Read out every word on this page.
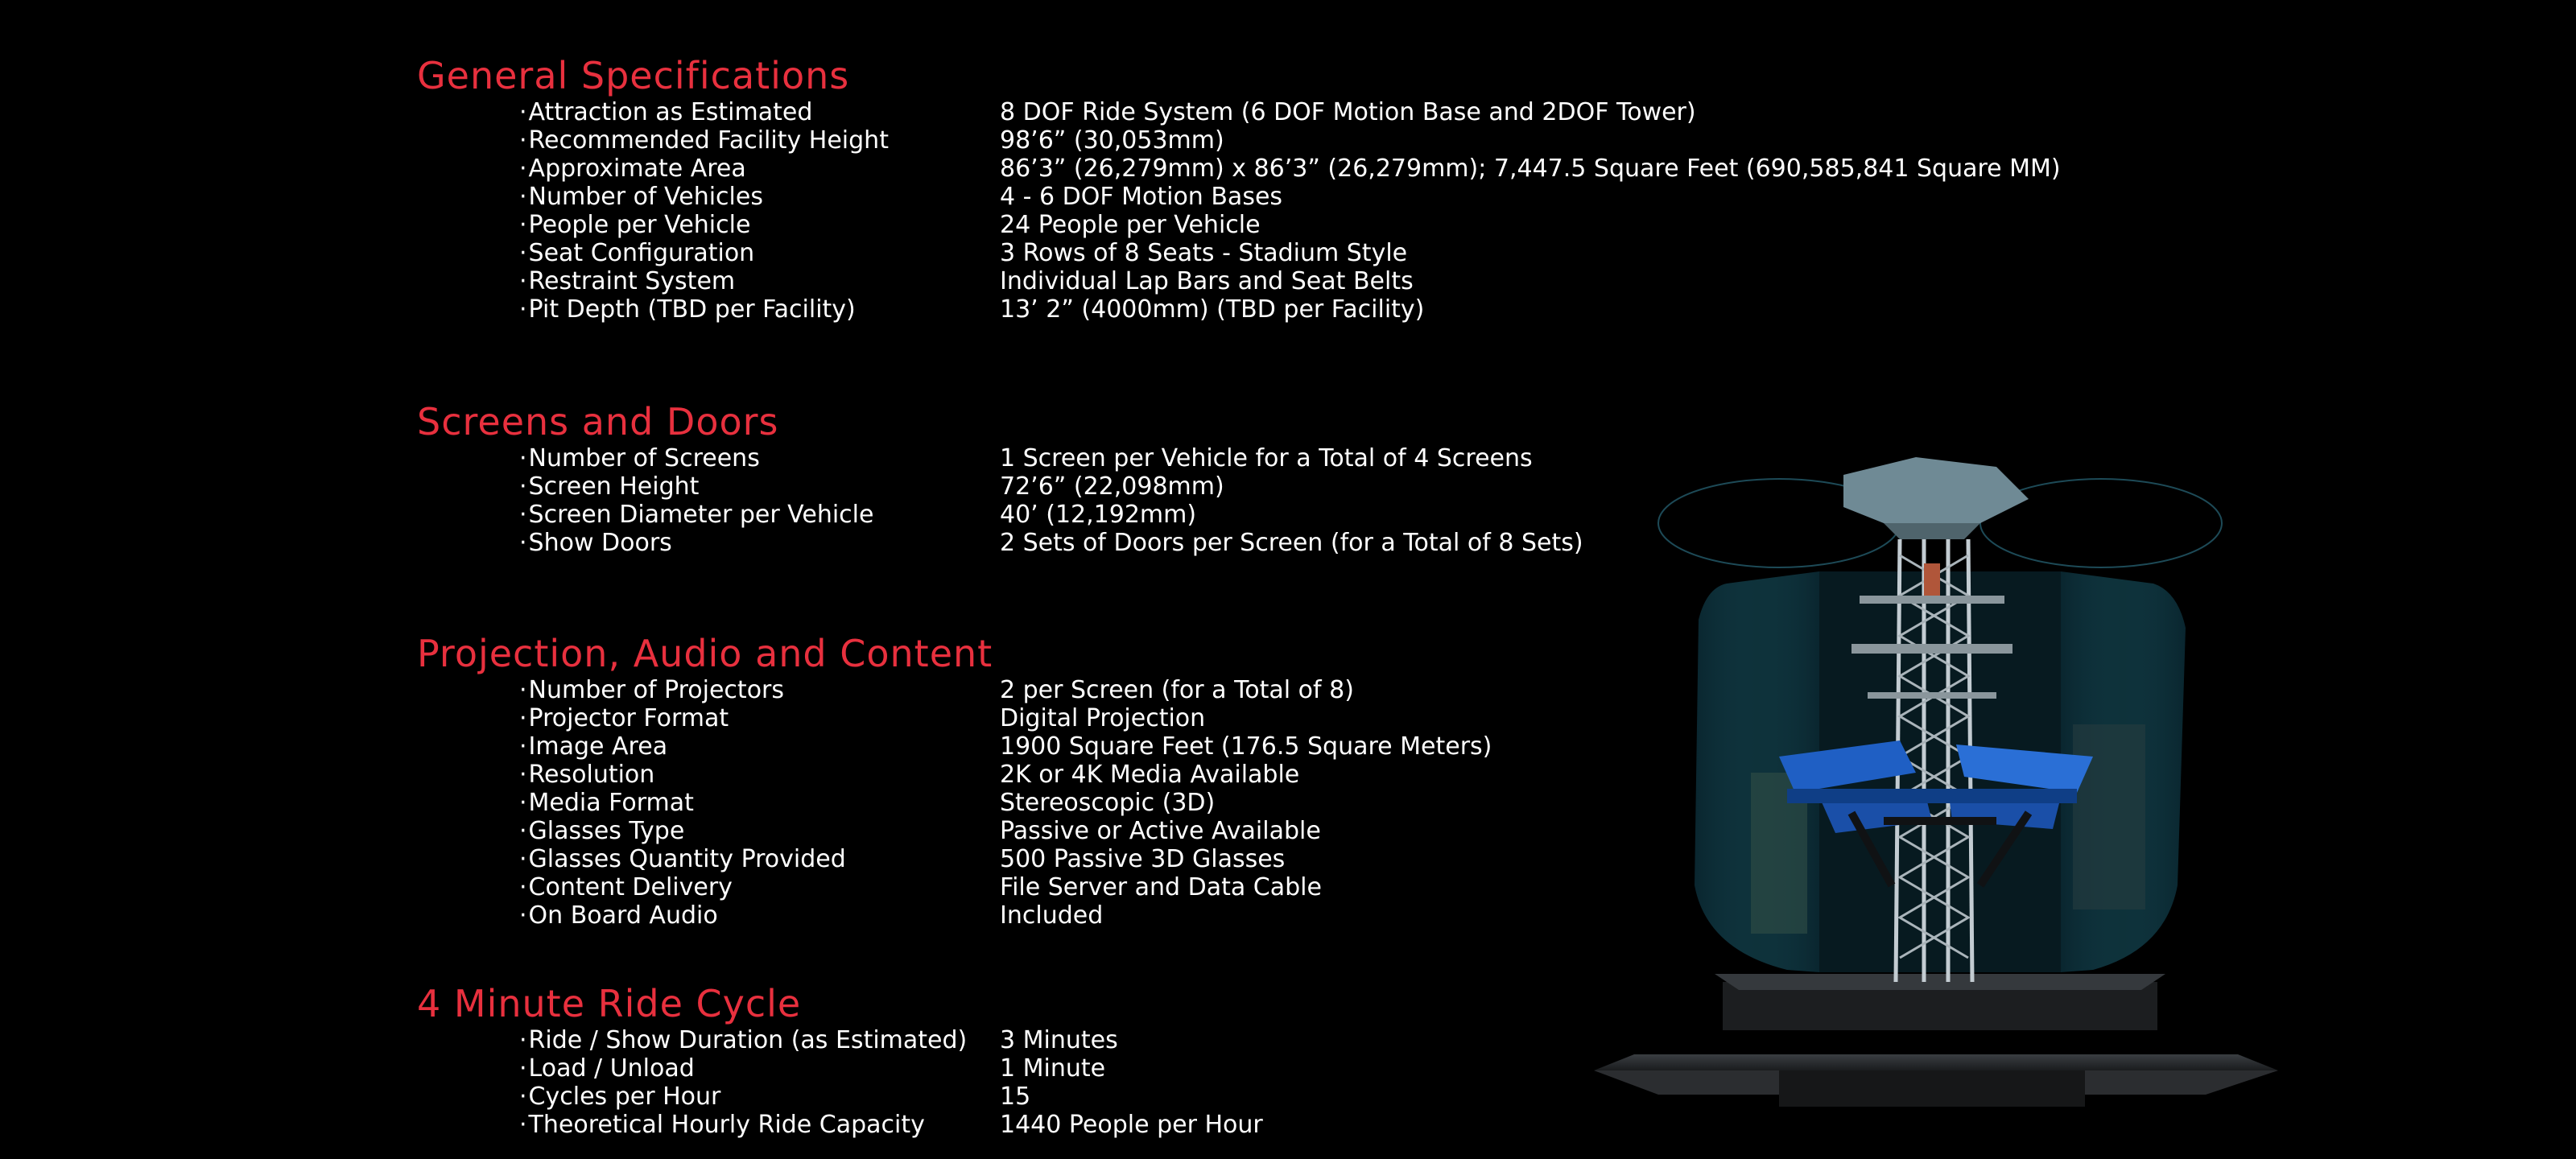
General Specifications
·Attraction as Estimated	8 DOF Ride System (6 DOF Motion Base and 2DOF Tower)
·Recommended Facility Height	98’6” (30,053mm)
·Approximate Area	86’3” (26,279mm) x 86’3” (26,279mm); 7,447.5 Square Feet (690,585,841 Square MM)
·Number of Vehicles	4 - 6 DOF Motion Bases
·People per Vehicle	24 People per Vehicle
·Seat Configuration	3 Rows of 8 Seats - Stadium Style
·Restraint System	Individual Lap Bars and Seat Belts
·Pit Depth (TBD per Facility)	13’ 2” (4000mm) (TBD per Facility)
Screens and Doors
·Number of Screens	1 Screen per Vehicle for a Total of 4 Screens
·Screen Height	72’6” (22,098mm)
·Screen Diameter per Vehicle	40’ (12,192mm)
·Show Doors	2 Sets of Doors per Screen (for a Total of 8 Sets)
Projection, Audio and Content
·Number of Projectors	2 per Screen (for a Total of 8)
·Projector Format	Digital Projection
·Image Area	1900 Square Feet (176.5 Square Meters)
·Resolution	2K or 4K Media Available
·Media Format	Stereoscopic (3D)
·Glasses Type	Passive or Active Available
·Glasses Quantity Provided	500 Passive 3D Glasses
·Content Delivery	File Server and Data Cable
·On Board Audio	Included
4 Minute Ride Cycle
·Ride / Show Duration (as Estimated) 3 Minutes
·Load / Unload	1 Minute
·Cycles per Hour	15
·Theoretical Hourly Ride Capacity	1440 People per Hour
